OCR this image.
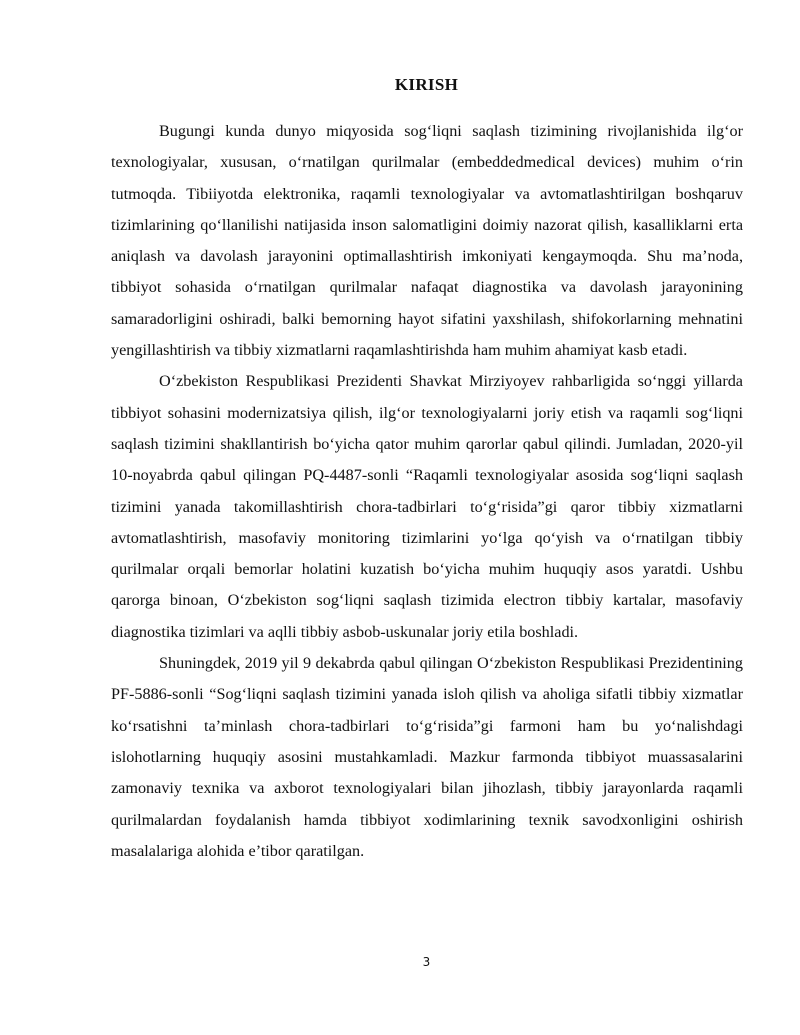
KIRISH

Bugungi kunda dunyo miqyosida sog‘liqni saqlash tizimining rivojlanishida ilg‘or texnologiyalar, xususan, o‘rnatilgan qurilmalar (embeddedmedical devices) muhim o‘rin tutmoqda. Tibiiyotda elektronika, raqamli texnologiyalar va avtomatlashtirilgan boshqaruv tizimlarining qo‘llanilishi natijasida inson salomatligini doimiy nazorat qilish, kasalliklarni erta aniqlash va davolash jarayonini optimallashtirish imkoniyati kengaymoqda. Shu ma’noda, tibbiyot sohasida o‘rnatilgan qurilmalar nafaqat diagnostika va davolash jarayonining samaradorligini oshiradi, balki bemorning hayot sifatini yaxshilash, shifokorlarning mehnatini yengillashtirish va tibbiy xizmatlarni raqamlashtirishda ham muhim ahamiyat kasb etadi.

O‘zbekiston Respublikasi Prezidenti Shavkat Mirziyoyev rahbarligida so‘nggi yillarda tibbiyot sohasini modernizatsiya qilish, ilg‘or texnologiyalarni joriy etish va raqamli sog‘liqni saqlash tizimini shakllantirish bo‘yicha qator muhim qarorlar qabul qilindi. Jumladan, 2020-yil 10-noyabrda qabul qilingan PQ-4487-sonli “Raqamli texnologiyalar asosida sog‘liqni saqlash tizimini yanada takomillashtirish chora-tadbirlari to‘g‘risida”gi qaror tibbiy xizmatlarni avtomatlashtirish, masofaviy monitoring tizimlarini yo‘lga qo‘yish va o‘rnatilgan tibbiy qurilmalar orqali bemorlar holatini kuzatish bo‘yicha muhim huquqiy asos yaratdi. Ushbu qarorga binoan, O‘zbekiston sog‘liqni saqlash tizimida electron tibbiy kartalar, masofaviy diagnostika tizimlari va aqlli tibbiy asbob-uskunalar joriy etila boshladi.

Shuningdek, 2019 yil 9 dekabrda qabul qilingan O‘zbekiston Respublikasi Prezidentining PF-5886-sonli “Sog‘liqni saqlash tizimini yanada isloh qilish va aholiga sifatli tibbiy xizmatlar ko‘rsatishni ta’minlash chora-tadbirlari to‘g‘risida”gi farmoni ham bu yo‘nalishdagi islohotlarning huquqiy asosini mustahkamladi. Mazkur farmonda tibbiyot muassasalarini zamonaviy texnika va axborot texnologiyalari bilan jihozlash, tibbiy jarayonlarda raqamli qurilmalardan foydalanish hamda tibbiyot xodimlarining texnik savodxonligini oshirish masalalariga alohida e’tibor qaratilgan.

3
